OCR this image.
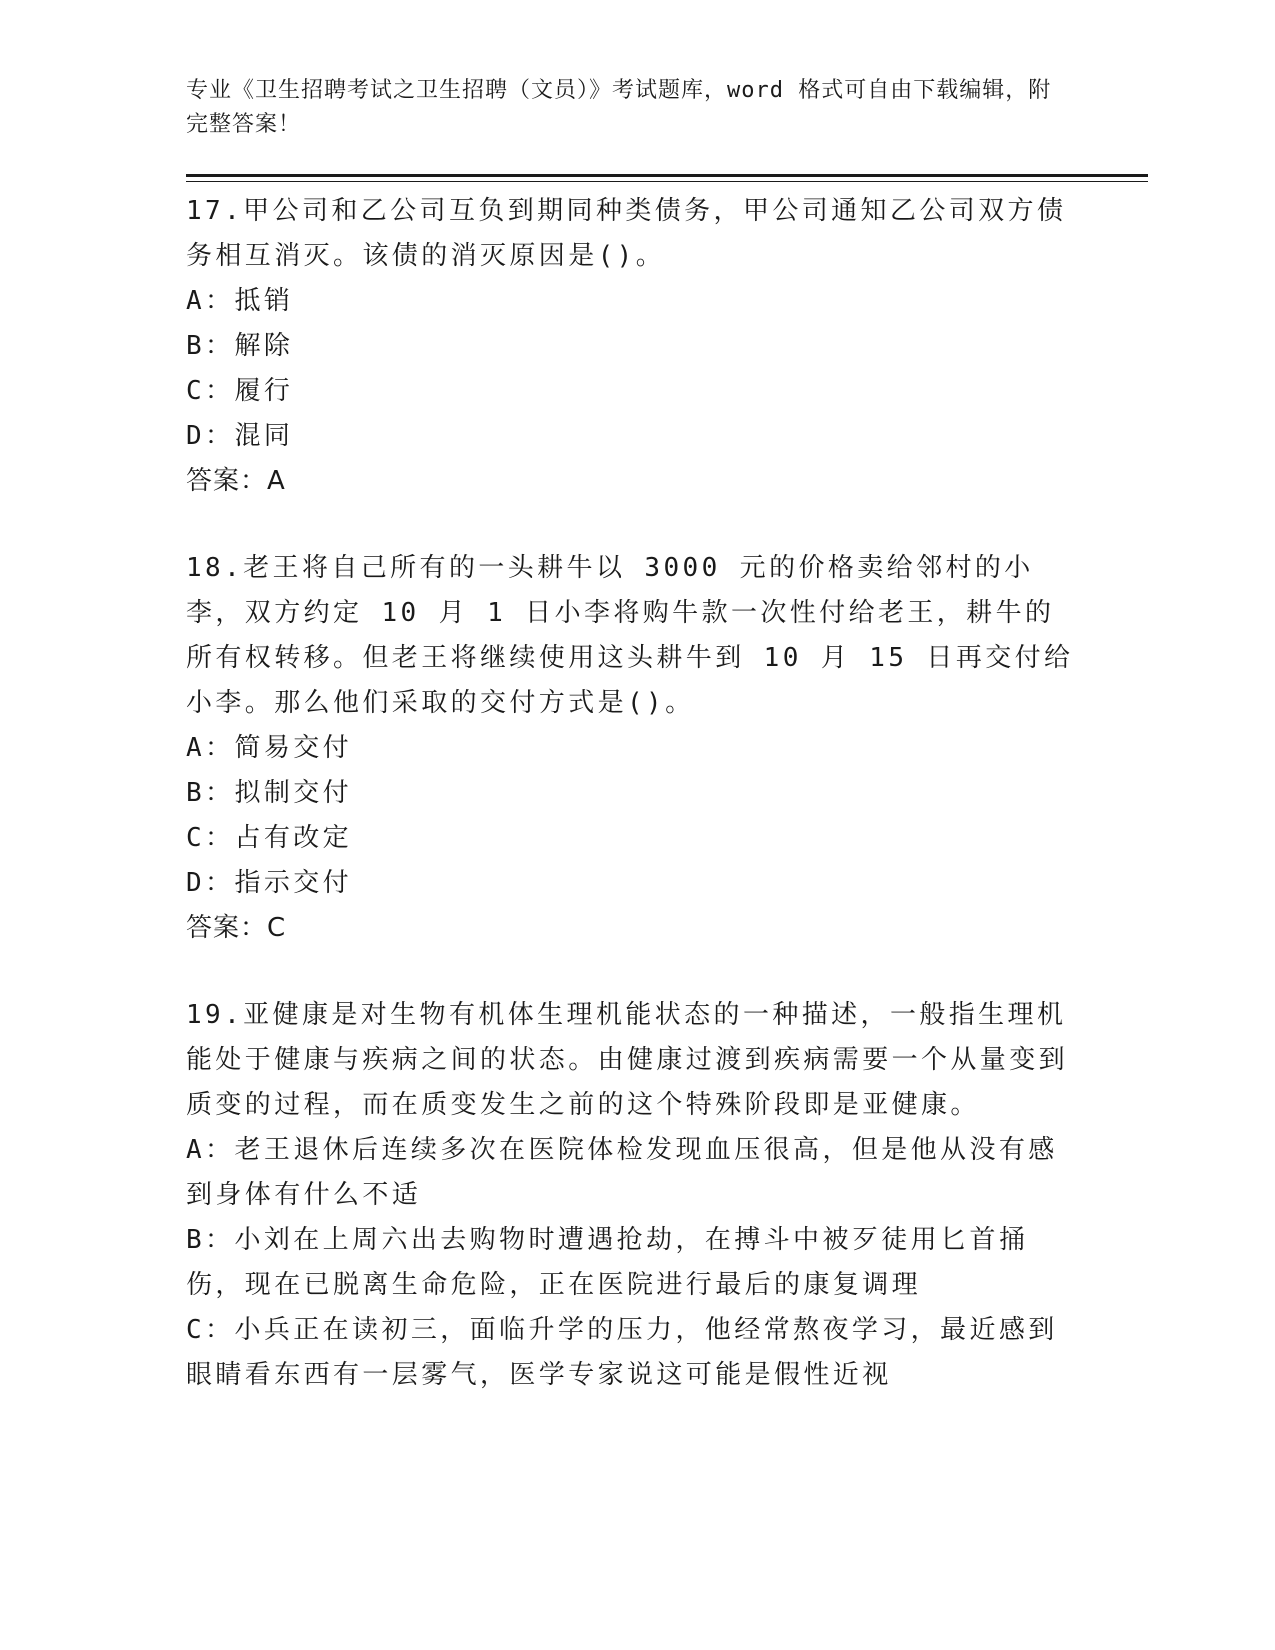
专业《卫生招聘考试之卫生招聘（文员）》考试题库，word 格式可自由下载编辑，附完整答案！

17.甲公司和乙公司互负到期同种类债务，甲公司通知乙公司双方债务相互消灭。该债的消灭原因是()。

A：抵销

B：解除

C：履行

D：混同

答案：A

18.老王将自己所有的一头耕牛以 3000 元的价格卖给邻村的小李，双方约定 10 月 1 日小李将购牛款一次性付给老王，耕牛的所有权转移。但老王将继续使用这头耕牛到 10 月 15 日再交付给小李。那么他们采取的交付方式是()。

A：简易交付

B：拟制交付

C：占有改定

D：指示交付

答案：C

19.亚健康是对生物有机体生理机能状态的一种描述，一般指生理机能处于健康与疾病之间的状态。由健康过渡到疾病需要一个从量变到质变的过程，而在质变发生之前的这个特殊阶段即是亚健康。

A：老王退休后连续多次在医院体检发现血压很高，但是他从没有感到身体有什么不适

B：小刘在上周六出去购物时遭遇抢劫，在搏斗中被歹徒用匕首捅伤，现在已脱离生命危险，正在医院进行最后的康复调理

C：小兵正在读初三，面临升学的压力，他经常熬夜学习，最近感到眼睛看东西有一层雾气，医学专家说这可能是假性近视
